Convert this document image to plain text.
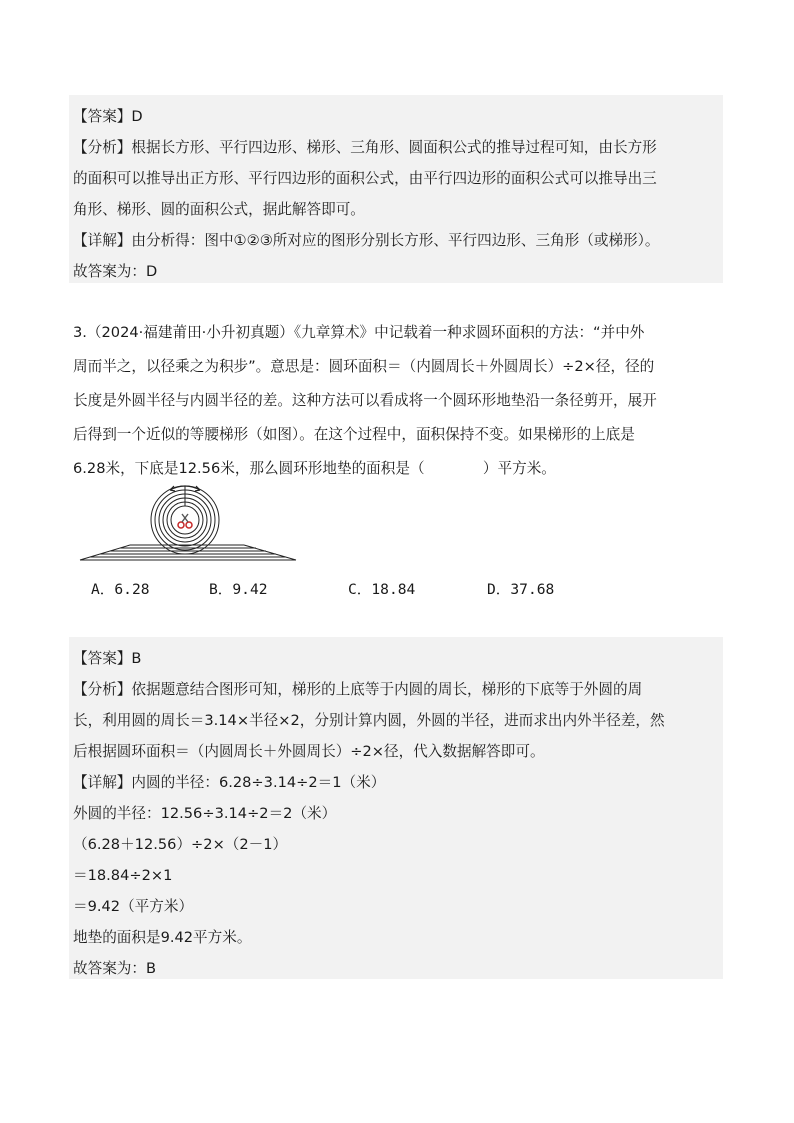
【答案】D
【分析】根据长方形、平行四边形、梯形、三角形、圆面积公式的推导过程可知，由长方形
的面积可以推导出正方形、平行四边形的面积公式，由平行四边形的面积公式可以推导出三
角形、梯形、圆的面积公式，据此解答即可。
【详解】由分析得：图中①②③所对应的图形分别长方形、平行四边形、三角形（或梯形）。
故答案为：D
3.（2024·福建莆田·小升初真题）《九章算术》中记载着一种求圆环面积的方法：“并中外
周而半之，以径乘之为积步”。意思是：圆环面积＝（内圆周长＋外圆周长）÷2×径，径的
长度是外圆半径与内圆半径的差。这种方法可以看成将一个圆环形地垫沿一条径剪开，展开
后得到一个近似的等腰梯形（如图）。在这个过程中，面积保持不变。如果梯形的上底是
6.28米，下底是12.56米，那么圆环形地垫的面积是（　　　　）平方米。
A．6.28	B．9.42	C．18.84	D．37.68
【答案】B
【分析】依据题意结合图形可知，梯形的上底等于内圆的周长，梯形的下底等于外圆的周
长，利用圆的周长＝3.14×半径×2，分别计算内圆，外圆的半径，进而求出内外半径差，然
后根据圆环面积＝（内圆周长＋外圆周长）÷2×径，代入数据解答即可。
【详解】内圆的半径：6.28÷3.14÷2＝1（米）
外圆的半径：12.56÷3.14÷2＝2（米）
（6.28＋12.56）÷2×（2－1）
＝18.84÷2×1
＝9.42（平方米）
地垫的面积是9.42平方米。
故答案为：B
